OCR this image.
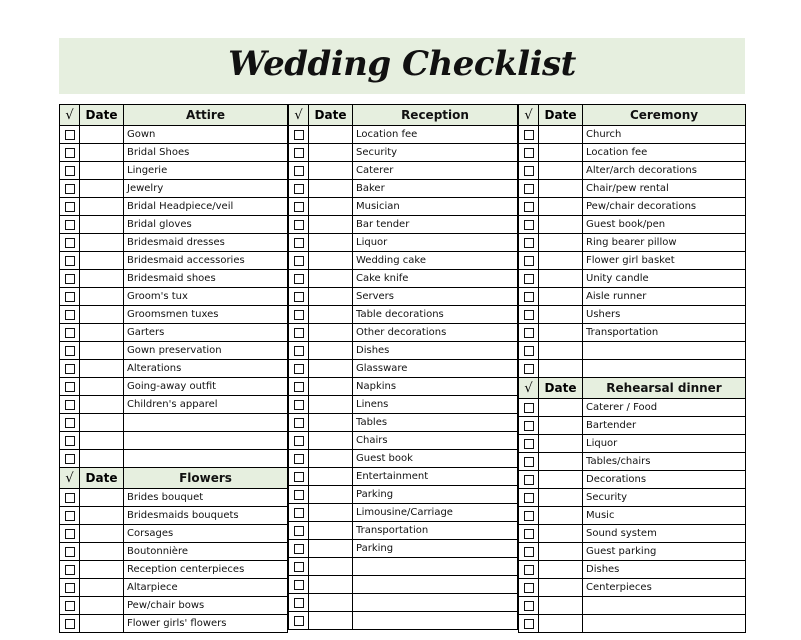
Wedding Checklist
√ Date	Attire
Gown
Bridal Shoes
Lingerie
Jewelry
Bridal Headpiece/veil
Bridal gloves
Bridesmaid dresses
Bridesmaid accessories
Bridesmaid shoes
Groom's tux
Groomsmen tuxes
Garters
Gown preservation
Alterations
Going-away outfit
Children's apparel
√ Date	Flowers
Brides bouquet
Bridesmaids bouquets
Corsages
Boutonnière
Reception centerpieces
Altarpiece
Pew/chair bows
Flower girls' flowers
√ Date	Reception
Location fee
Security
Caterer
Baker
Musician
Bar tender
Liquor
Wedding cake
Cake knife
Servers
Table decorations
Other decorations
Dishes
Glassware
Napkins
Linens
Tables
Chairs
Guest book
Entertainment
Parking
Limousine/Carriage
Transportation
Parking
√ Date	Ceremony
Church
Location fee
Alter/arch decorations
Chair/pew rental
Pew/chair decorations
Guest book/pen
Ring bearer pillow
Flower girl basket
Unity candle
Aisle runner
Ushers
Transportation
√ Date	Rehearsal dinner
Caterer / Food
Bartender
Liquor
Tables/chairs
Decorations
Security
Music
Sound system
Guest parking
Dishes
Centerpieces
